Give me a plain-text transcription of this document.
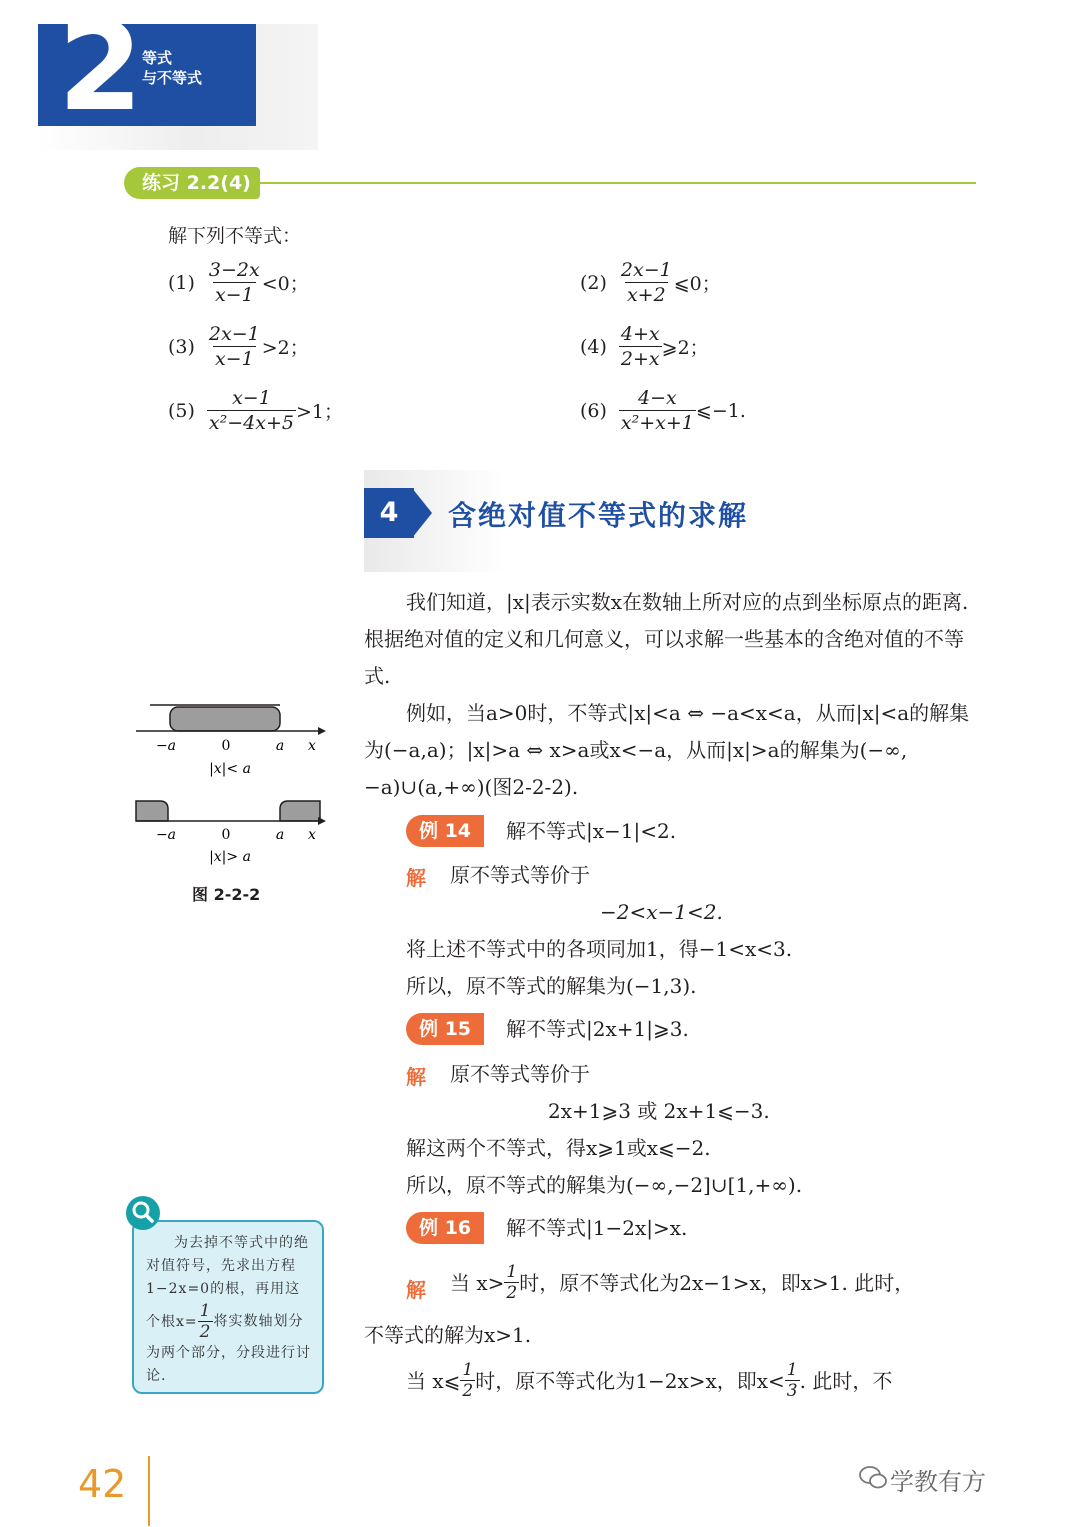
2 等式
与不等式
练习 2.2(4)
解下列不等式：
$(1) \frac{3-2x}{x-1} <0$；	$(2) \frac{2x-1}{x+2}$ ⩽0；
$(3) \frac{2x-1}{x-1} >2$；	$(4) \frac{4+x}{2+x}$ ⩾2；
$(5) \frac{x-1}{\text{x²−4x+5}} >1$；	$(6) \frac{4-x}{\text{x²+x+1}}$ ⩽−1.
4	含绝对值不等式的求解
我们知道，|x|表示实数x在数轴上所对应的点到坐标原点的距离. 根据绝对值的定义和几何意义，可以求解一些基本的含绝对值的不等式.
例如，当a>0时，不等式|x|<a ⇔ −a<x<a，从而|x|<a的解集为(−a,a)；|x|>a ⇔ x>a或x<−a，从而|x|>a的解集为(−∞,−a)∪(a,+∞)(图2-2-2).
−a	0	a x
|x|< a
−a	0	a x
|x|> a
图 2-2-2
例 14	解不等式|x−1|<2.
解 原不等式等价于
−2<x−1<2.
将上述不等式中的各项同加1，得−1<x<3.
所以，原不等式的解集为(−1,3).
例 15	解不等式|2x+1|⩾3.
解 原不等式等价于
2x+1⩾3 或 2x+1⩽−3.
解这两个不等式，得x⩾1或x⩽−2.
所以，原不等式的解集为(−∞,−2]∪[1,+∞).
例 16	解不等式|1−2x|>x.
解 当 $x> \frac{1}{2}$ 时，原不等式化为2x−1>x，即x>1. 此时，
不等式的解为x>1.
当 x⩽ $\frac{1}{2}$ 时，原不等式化为1−2x>x，即$x< \frac{1}{3}$ . 此时，不
为去掉不等式中的绝对值符号，先求出方程1−2x=0的根，再用这个根$x= \frac{1}{2}$ 将实数轴划分为两个部分，分段进行讨论.
42	学教有方
